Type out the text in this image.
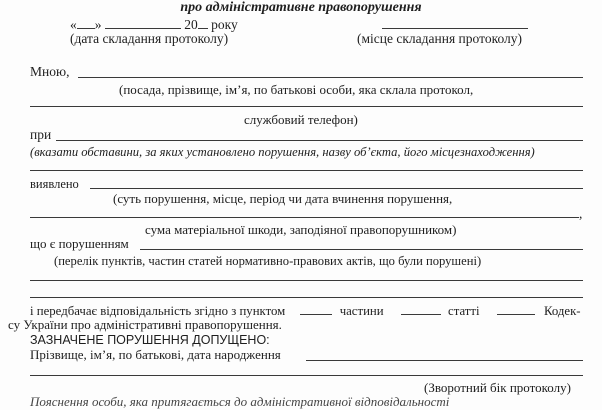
про адміністративне правопорушення
« »	20 року
(дата складання протоколу)	(місце складання протоколу)
Мною,
(посада, прізвище, ім’я, по батькові особи, яка склала протокол,
службовий телефон)
при
(вказати обставини, за яких установлено порушення, назву об’єкта, його місцезнаходження)
виявлено
(суть порушення, місце, період чи дата вчинення порушення,
,
сума матеріальної шкоди, заподіяної правопорушником)
що є порушенням
(перелік пунктів, частин статей нормативно-правових актів, що були порушені)
і передбачає відповідальність згідно з пунктом	частини	статті	Кодек-
су України про адміністративні правопорушення.
ЗАЗНАЧЕНЕ ПОРУШЕННЯ ДОПУЩЕНО:
Прізвище, ім’я, по батькові, дата народження
(Зворотний бік протоколу)
Пояснення особи, яка притягається до адміністративної відповідальності
